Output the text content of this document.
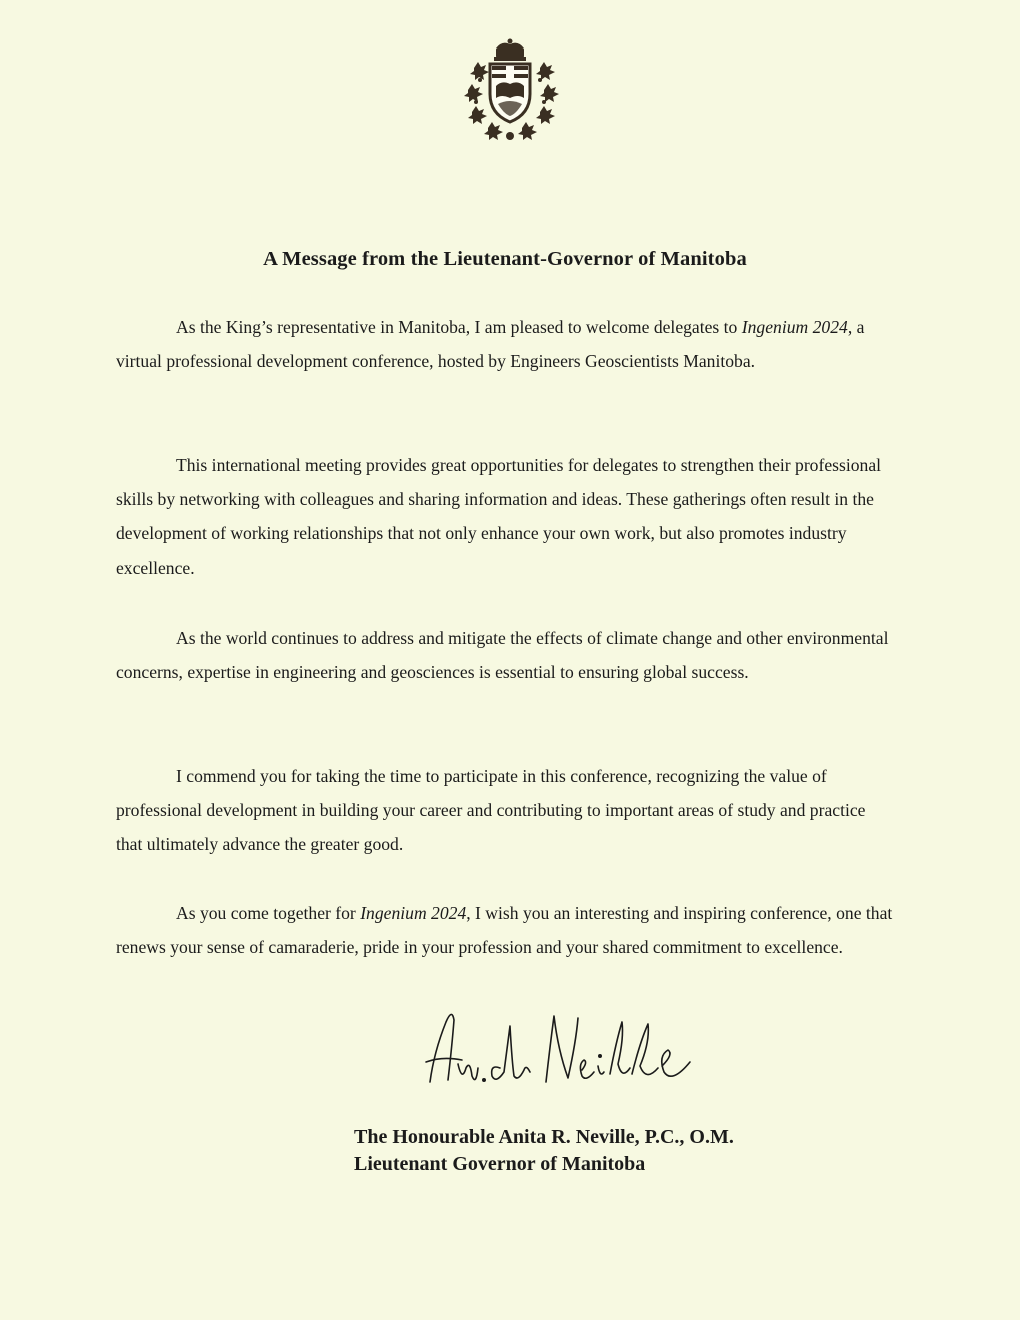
A Message from the Lieutenant-Governor of Manitoba

As the King’s representative in Manitoba, I am pleased to welcome delegates to Ingenium 2024, a virtual professional development conference, hosted by Engineers Geoscientists Manitoba.

This international meeting provides great opportunities for delegates to strengthen their professional skills by networking with colleagues and sharing information and ideas. These gatherings often result in the development of working relationships that not only enhance your own work, but also promotes industry excellence.

As the world continues to address and mitigate the effects of climate change and other environmental concerns, expertise in engineering and geosciences is essential to ensuring global success.

I commend you for taking the time to participate in this conference, recognizing the value of professional development in building your career and contributing to important areas of study and practice that ultimately advance the greater good.

As you come together for Ingenium 2024, I wish you an interesting and inspiring conference, one that renews your sense of camaraderie, pride in your profession and your shared commitment to excellence.

The Honourable Anita R. Neville, P.C., O.M.

Lieutenant Governor of Manitoba
